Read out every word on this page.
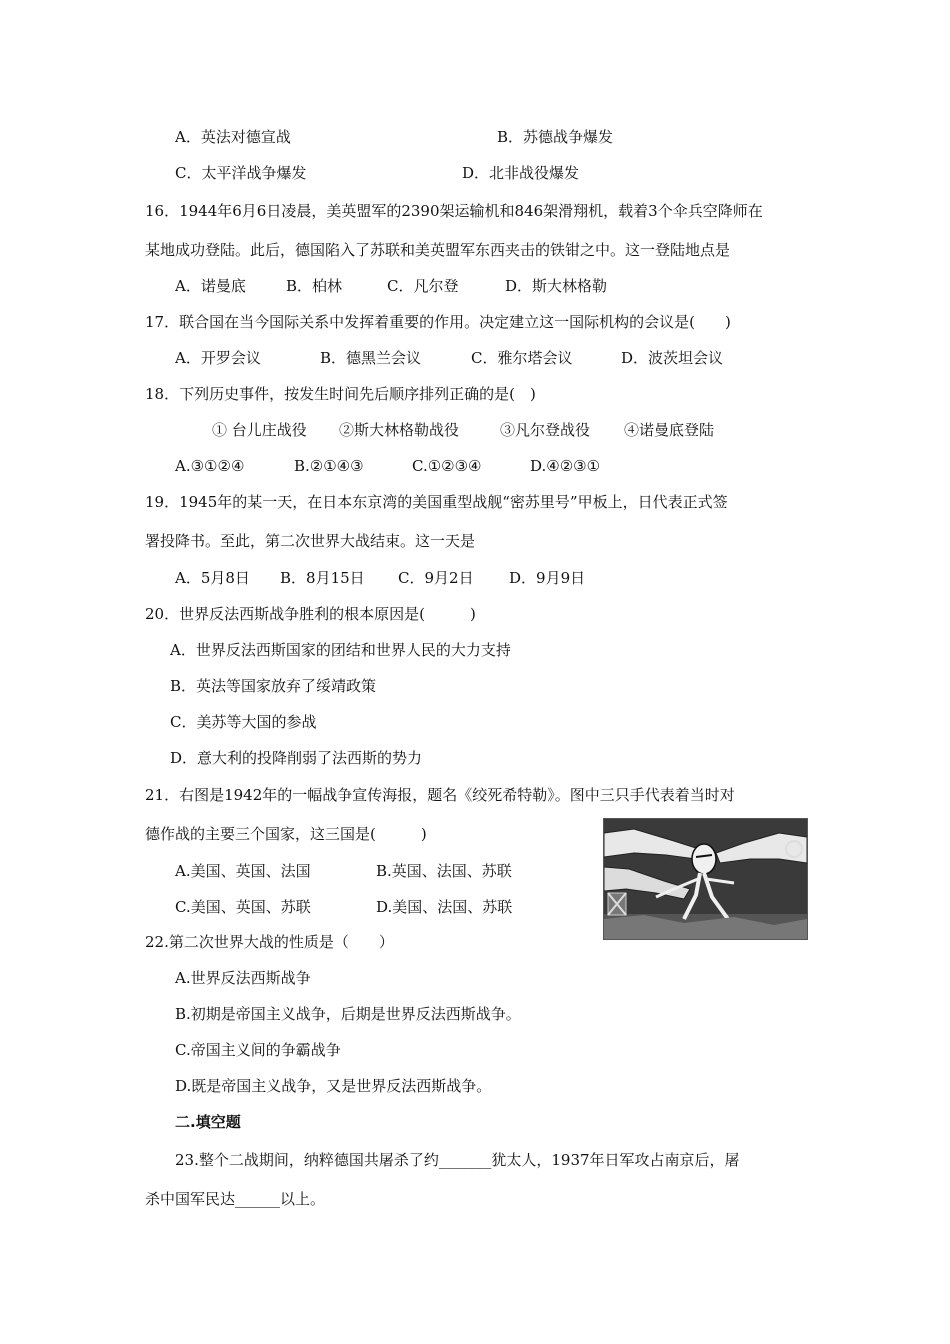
A．英法对德宣战	B．苏德战争爆发
C．太平洋战争爆发	D．北非战役爆发
16．1944年6月6日凌晨，美英盟军的2390架运输机和846架滑翔机，载着3个伞兵空降师在
某地成功登陆。此后，德国陷入了苏联和美英盟军东西夹击的铁钳之中。这一登陆地点是
A．诺曼底	B．柏林	C．凡尔登	D．斯大林格勒
17．联合国在当今国际关系中发挥着重要的作用。决定建立这一国际机构的会议是(　　)
A．开罗会议	B．德黑兰会议	C．雅尔塔会议	D．波茨坦会议
18．下列历史事件，按发生时间先后顺序排列正确的是(　)
① 台儿庄战役 ②斯大林格勒战役	③凡尔登战役 ④诺曼底登陆
A.③①②④	B.②①④③	C.①②③④	D.④②③①
19．1945年的某一天，在日本东京湾的美国重型战舰“密苏里号”甲板上，日代表正式签
署投降书。至此，第二次世界大战结束。这一天是
A．5月8日 B．8月15日 C．9月2日 D．9月9日
20．世界反法西斯战争胜利的根本原因是(　　　)
A．世界反法西斯国家的团结和世界人民的大力支持
B．英法等国家放弃了绥靖政策
C．美苏等大国的参战
D．意大利的投降削弱了法西斯的势力
21．右图是1942年的一幅战争宣传海报，题名《绞死希特勒》。图中三只手代表着当时对
德作战的主要三个国家，这三国是(　　　)
A.美国、英国、法国	B.英国、法国、苏联
C.美国、英国、苏联	D.美国、法国、苏联
22.第二次世界大战的性质是（　　）
A.世界反法西斯战争
B.初期是帝国主义战争，后期是世界反法西斯战争。
C.帝国主义间的争霸战争
D.既是帝国主义战争，又是世界反法西斯战争。
二.填空题
23.整个二战期间，纳粹德国共屠杀了约_______犹太人，1937年日军攻占南京后，屠
杀中国军民达______以上。
